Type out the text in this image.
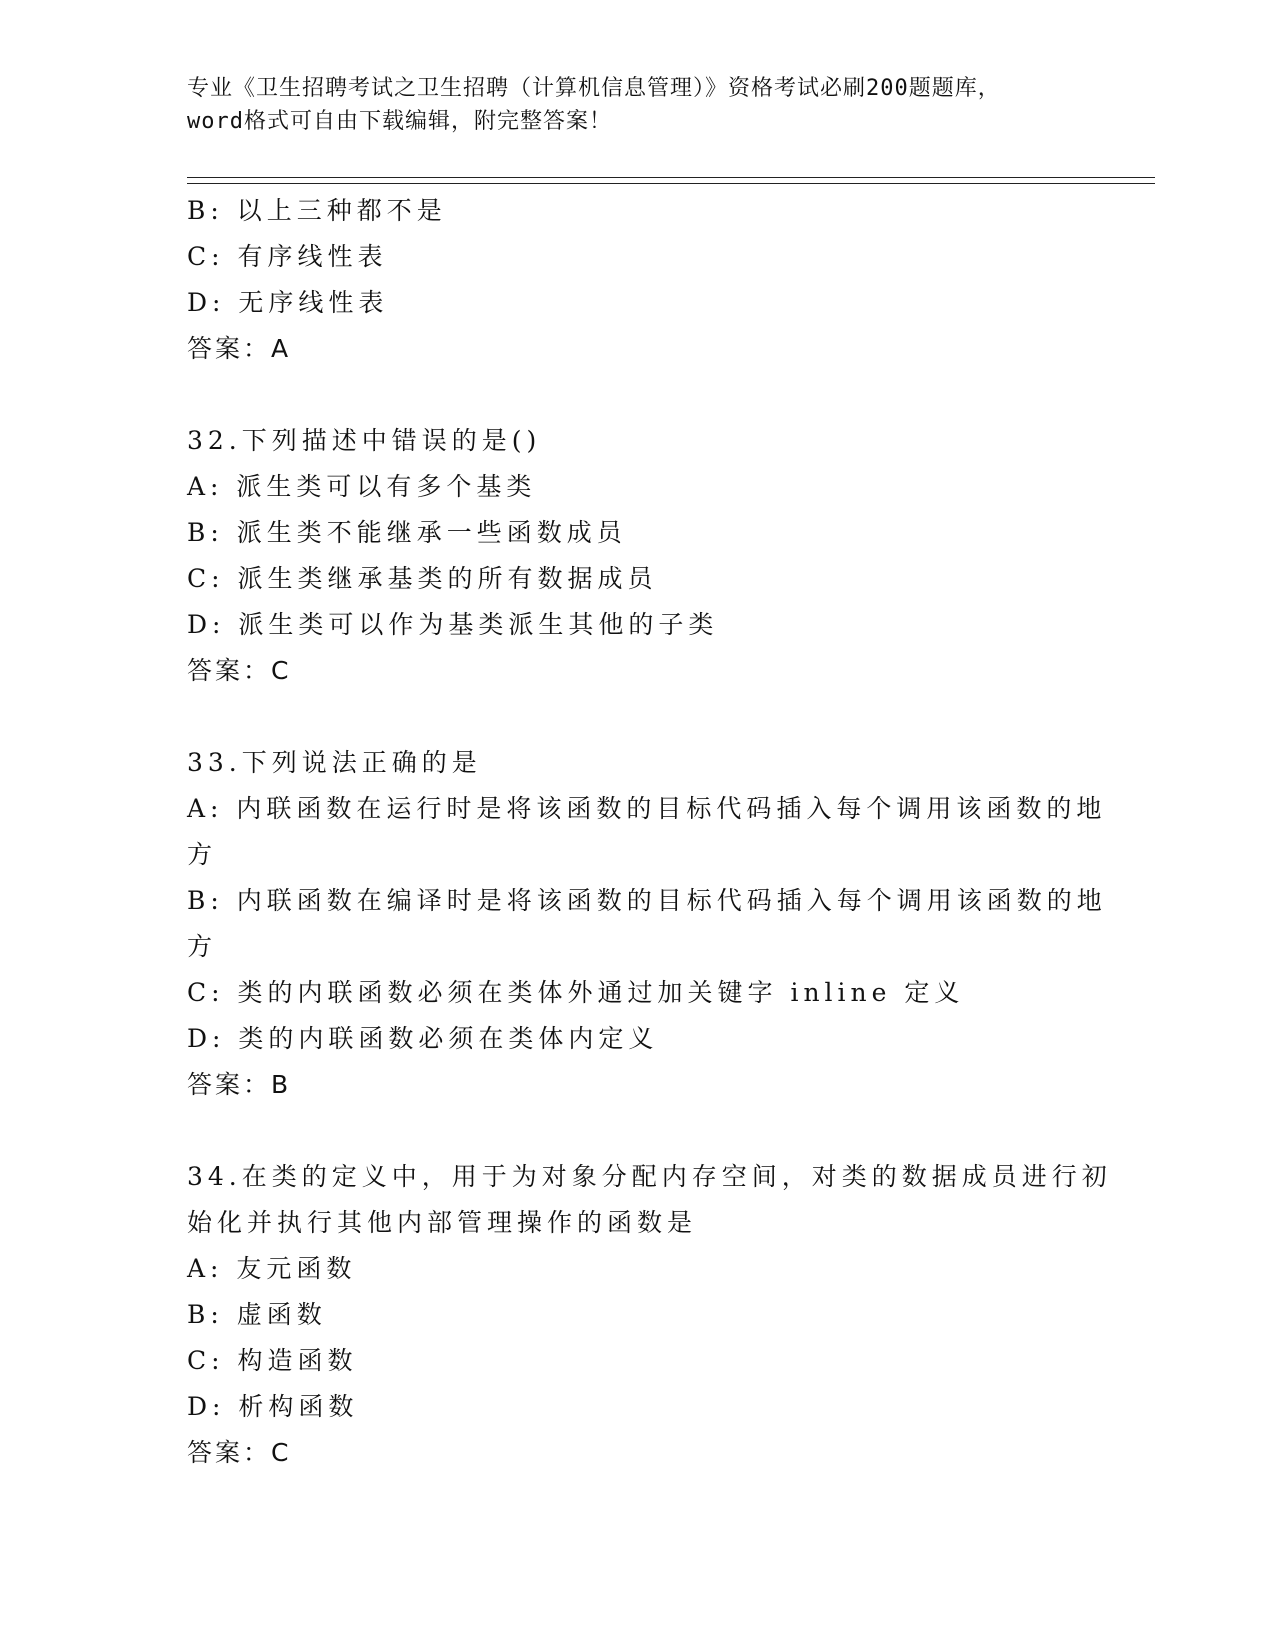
专业《卫生招聘考试之卫生招聘（计算机信息管理）》资格考试必刷200题题库，
word格式可自由下载编辑，附完整答案！
B: 以上三种都不是
C: 有序线性表
D: 无序线性表
答案：A
32.下列描述中错误的是()
A: 派生类可以有多个基类
B: 派生类不能继承一些函数成员
C: 派生类继承基类的所有数据成员
D: 派生类可以作为基类派生其他的子类
答案：C
33.下列说法正确的是
A: 内联函数在运行时是将该函数的目标代码插入每个调用该函数的地
方
B: 内联函数在编译时是将该函数的目标代码插入每个调用该函数的地
方
C: 类的内联函数必须在类体外通过加关键字 inline 定义
D: 类的内联函数必须在类体内定义
答案：B
34.在类的定义中，用于为对象分配内存空间，对类的数据成员进行初
始化并执行其他内部管理操作的函数是
A: 友元函数
B: 虚函数
C: 构造函数
D: 析构函数
答案：C
